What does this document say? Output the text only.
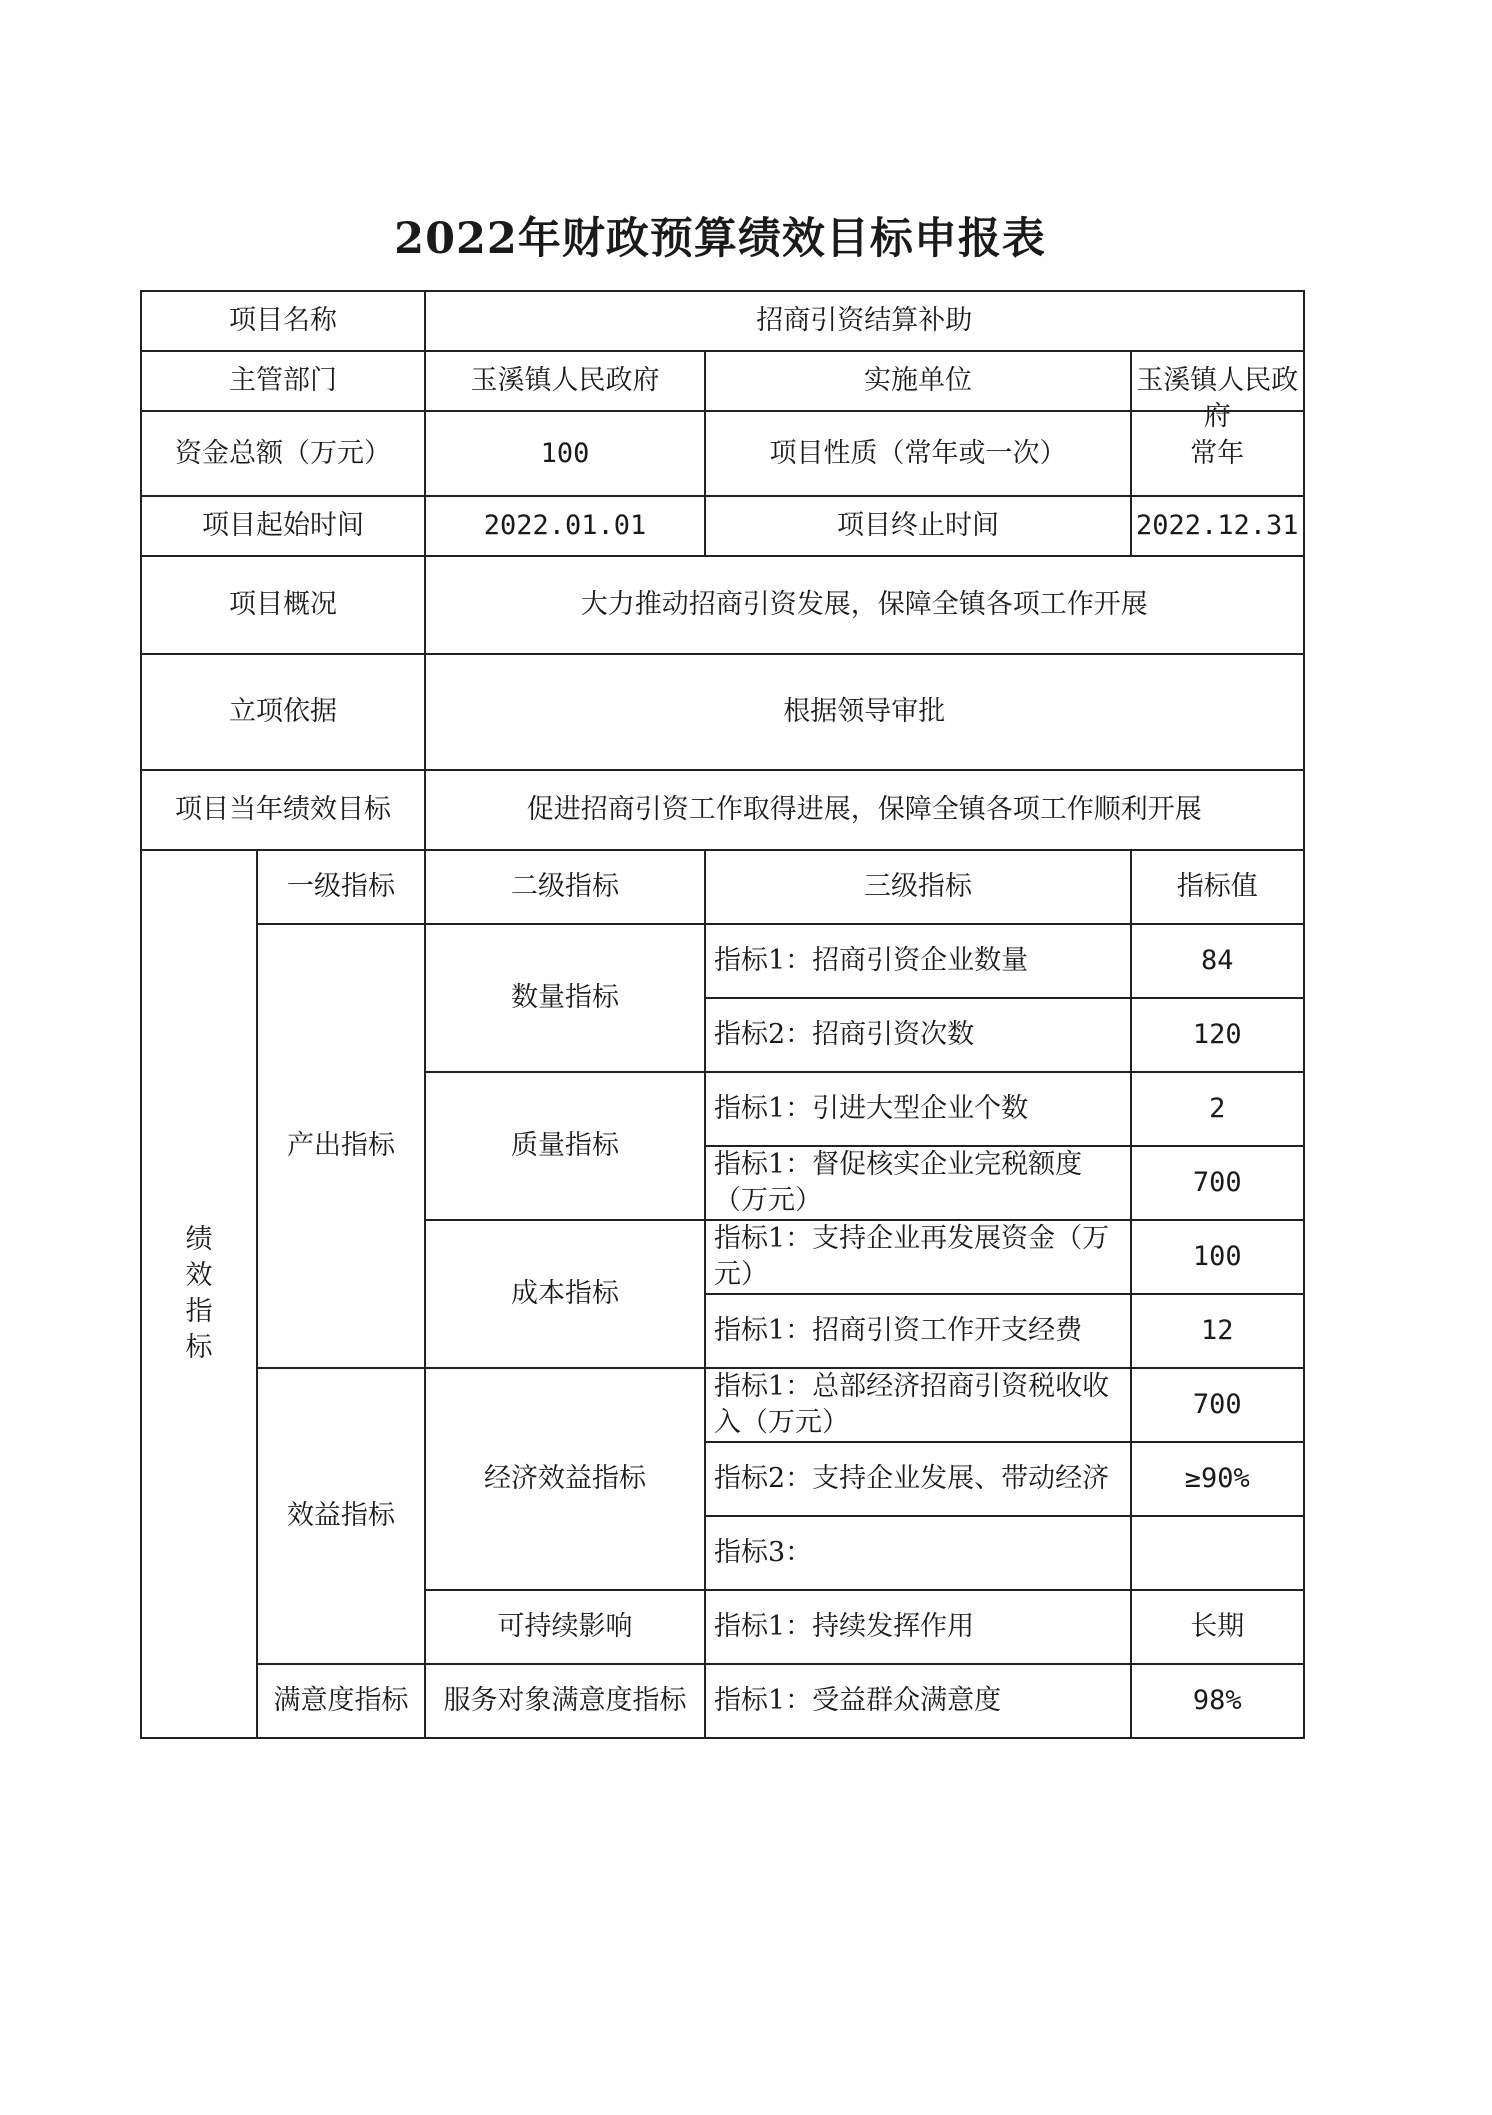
2022年财政预算绩效目标申报表
项目名称		招商引资结算补助		
主管部门		玉溪镇人民政府	实施单位	玉溪镇人民政府

资金总额（万元）		100	项目性质（常年或一次）	常年
项目起始时间		2022.01.01	项目终止时间	2022.12.31
项目概况		大力推动招商引资发展，保障全镇各项工作开展		
立项依据		根据领导审批		
项目当年绩效目标		促进招商引资工作取得进展，保障全镇各项工作顺利开展		
绩效指标	一级指标	二级指标	三级指标	指标值
	产出指标	数量指标	指标1：招商引资企业数量	84
			指标2：招商引资次数	120
		质量指标	指标1：引进大型企业个数	2
			指标1：督促核实企业完税额度（万元）	700
		成本指标	指标1：支持企业再发展资金（万元）	100
			指标1：招商引资工作开支经费	12
	效益指标	经济效益指标	指标1：总部经济招商引资税收收入（万元）	700
			指标2：支持企业发展、带动经济	≥90%
			指标3：	
		可持续影响	指标1：持续发挥作用	长期
	满意度指标	服务对象满意度指标	指标1：受益群众满意度	98%
